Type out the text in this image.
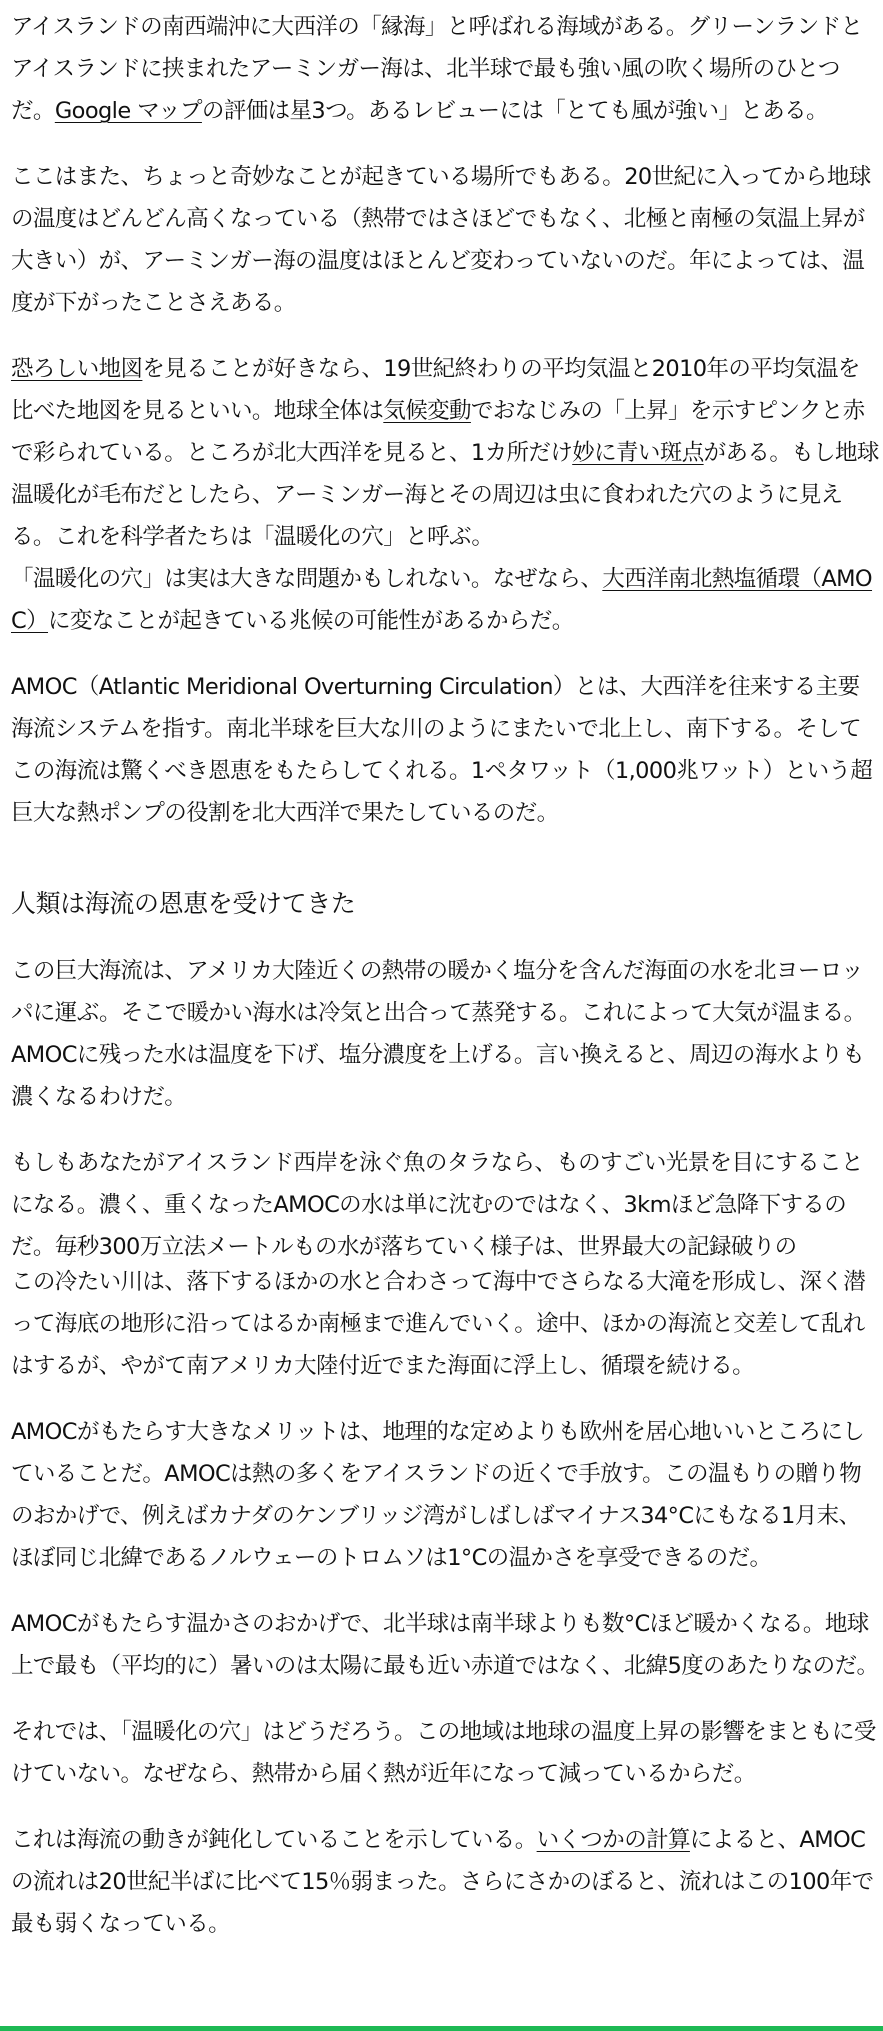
アイスランドの南西端沖に大西洋の「縁海」と呼ばれる海域がある。グリーンランドとアイスランドに挟まれたアーミンガー海は、北半球で最も強い風の吹く場所のひとつだ。Google マップの評価は星3つ。あるレビューには「とても風が強い」とある。

ここはまた、ちょっと奇妙なことが起きている場所でもある。20世紀に入ってから地球の温度はどんどん高くなっている（熱帯ではさほどでもなく、北極と南極の気温上昇が大きい）が、アーミンガー海の温度はほとんど変わっていないのだ。年によっては、温度が下がったことさえある。

恐ろしい地図を見ることが好きなら、19世紀終わりの平均気温と2010年の平均気温を比べた地図を見るといい。地球全体は気候変動でおなじみの「上昇」を示すピンクと赤で彩られている。ところが北大西洋を見ると、1カ所だけ妙に青い斑点がある。もし地球温暖化が毛布だとしたら、アーミンガー海とその周辺は虫に食われた穴のように見える。これを科学者たちは「温暖化の穴」と呼ぶ。

「温暖化の穴」は実は大きな問題かもしれない。なぜなら、大西洋南北熱塩循環（AMOC）に変なことが起きている兆候の可能性があるからだ。

AMOC（Atlantic Meridional Overturning Circulation）とは、大西洋を往来する主要海流システムを指す。南北半球を巨大な川のようにまたいで北上し、南下する。そしてこの海流は驚くべき恩恵をもたらしてくれる。1ペタワット（1,000兆ワット）という超巨大な熱ポンプの役割を北大西洋で果たしているのだ。

人類は海流の恩恵を受けてきた

この巨大海流は、アメリカ大陸近くの熱帯の暖かく塩分を含んだ海面の水を北ヨーロッパに運ぶ。そこで暖かい海水は冷気と出合って蒸発する。これによって大気が温まる。AMOCに残った水は温度を下げ、塩分濃度を上げる。言い換えると、周辺の海水よりも濃くなるわけだ。

もしもあなたがアイスランド西岸を泳ぐ魚のタラなら、ものすごい光景を目にすることになる。濃く、重くなったAMOCの水は単に沈むのではなく、3kmほど急降下するのだ。毎秒300万立法メートルもの水が落ちていく様子は、世界最大の記録破りの

この冷たい川は、落下するほかの水と合わさって海中でさらなる大滝を形成し、深く潜って海底の地形に沿ってはるか南極まで進んでいく。途中、ほかの海流と交差して乱れはするが、やがて南アメリカ大陸付近でまた海面に浮上し、循環を続ける。

AMOCがもたらす大きなメリットは、地理的な定めよりも欧州を居心地いいところにしていることだ。AMOCは熱の多くをアイスランドの近くで手放す。この温もりの贈り物のおかげで、例えばカナダのケンブリッジ湾がしばしばマイナス34°Cにもなる1月末、ほぼ同じ北緯であるノルウェーのトロムソは1°Cの温かさを享受できるのだ。

AMOCがもたらす温かさのおかげで、北半球は南半球よりも数°Cほど暖かくなる。地球上で最も（平均的に）暑いのは太陽に最も近い赤道ではなく、北緯5度のあたりなのだ。

それでは、「温暖化の穴」はどうだろう。この地域は地球の温度上昇の影響をまともに受けていない。なぜなら、熱帯から届く熱が近年になって減っているからだ。

これは海流の動きが鈍化していることを示している。いくつかの計算によると、AMOCの流れは20世紀半ばに比べて15％弱まった。さらにさかのぼると、流れはこの100年で最も弱くなっている。
